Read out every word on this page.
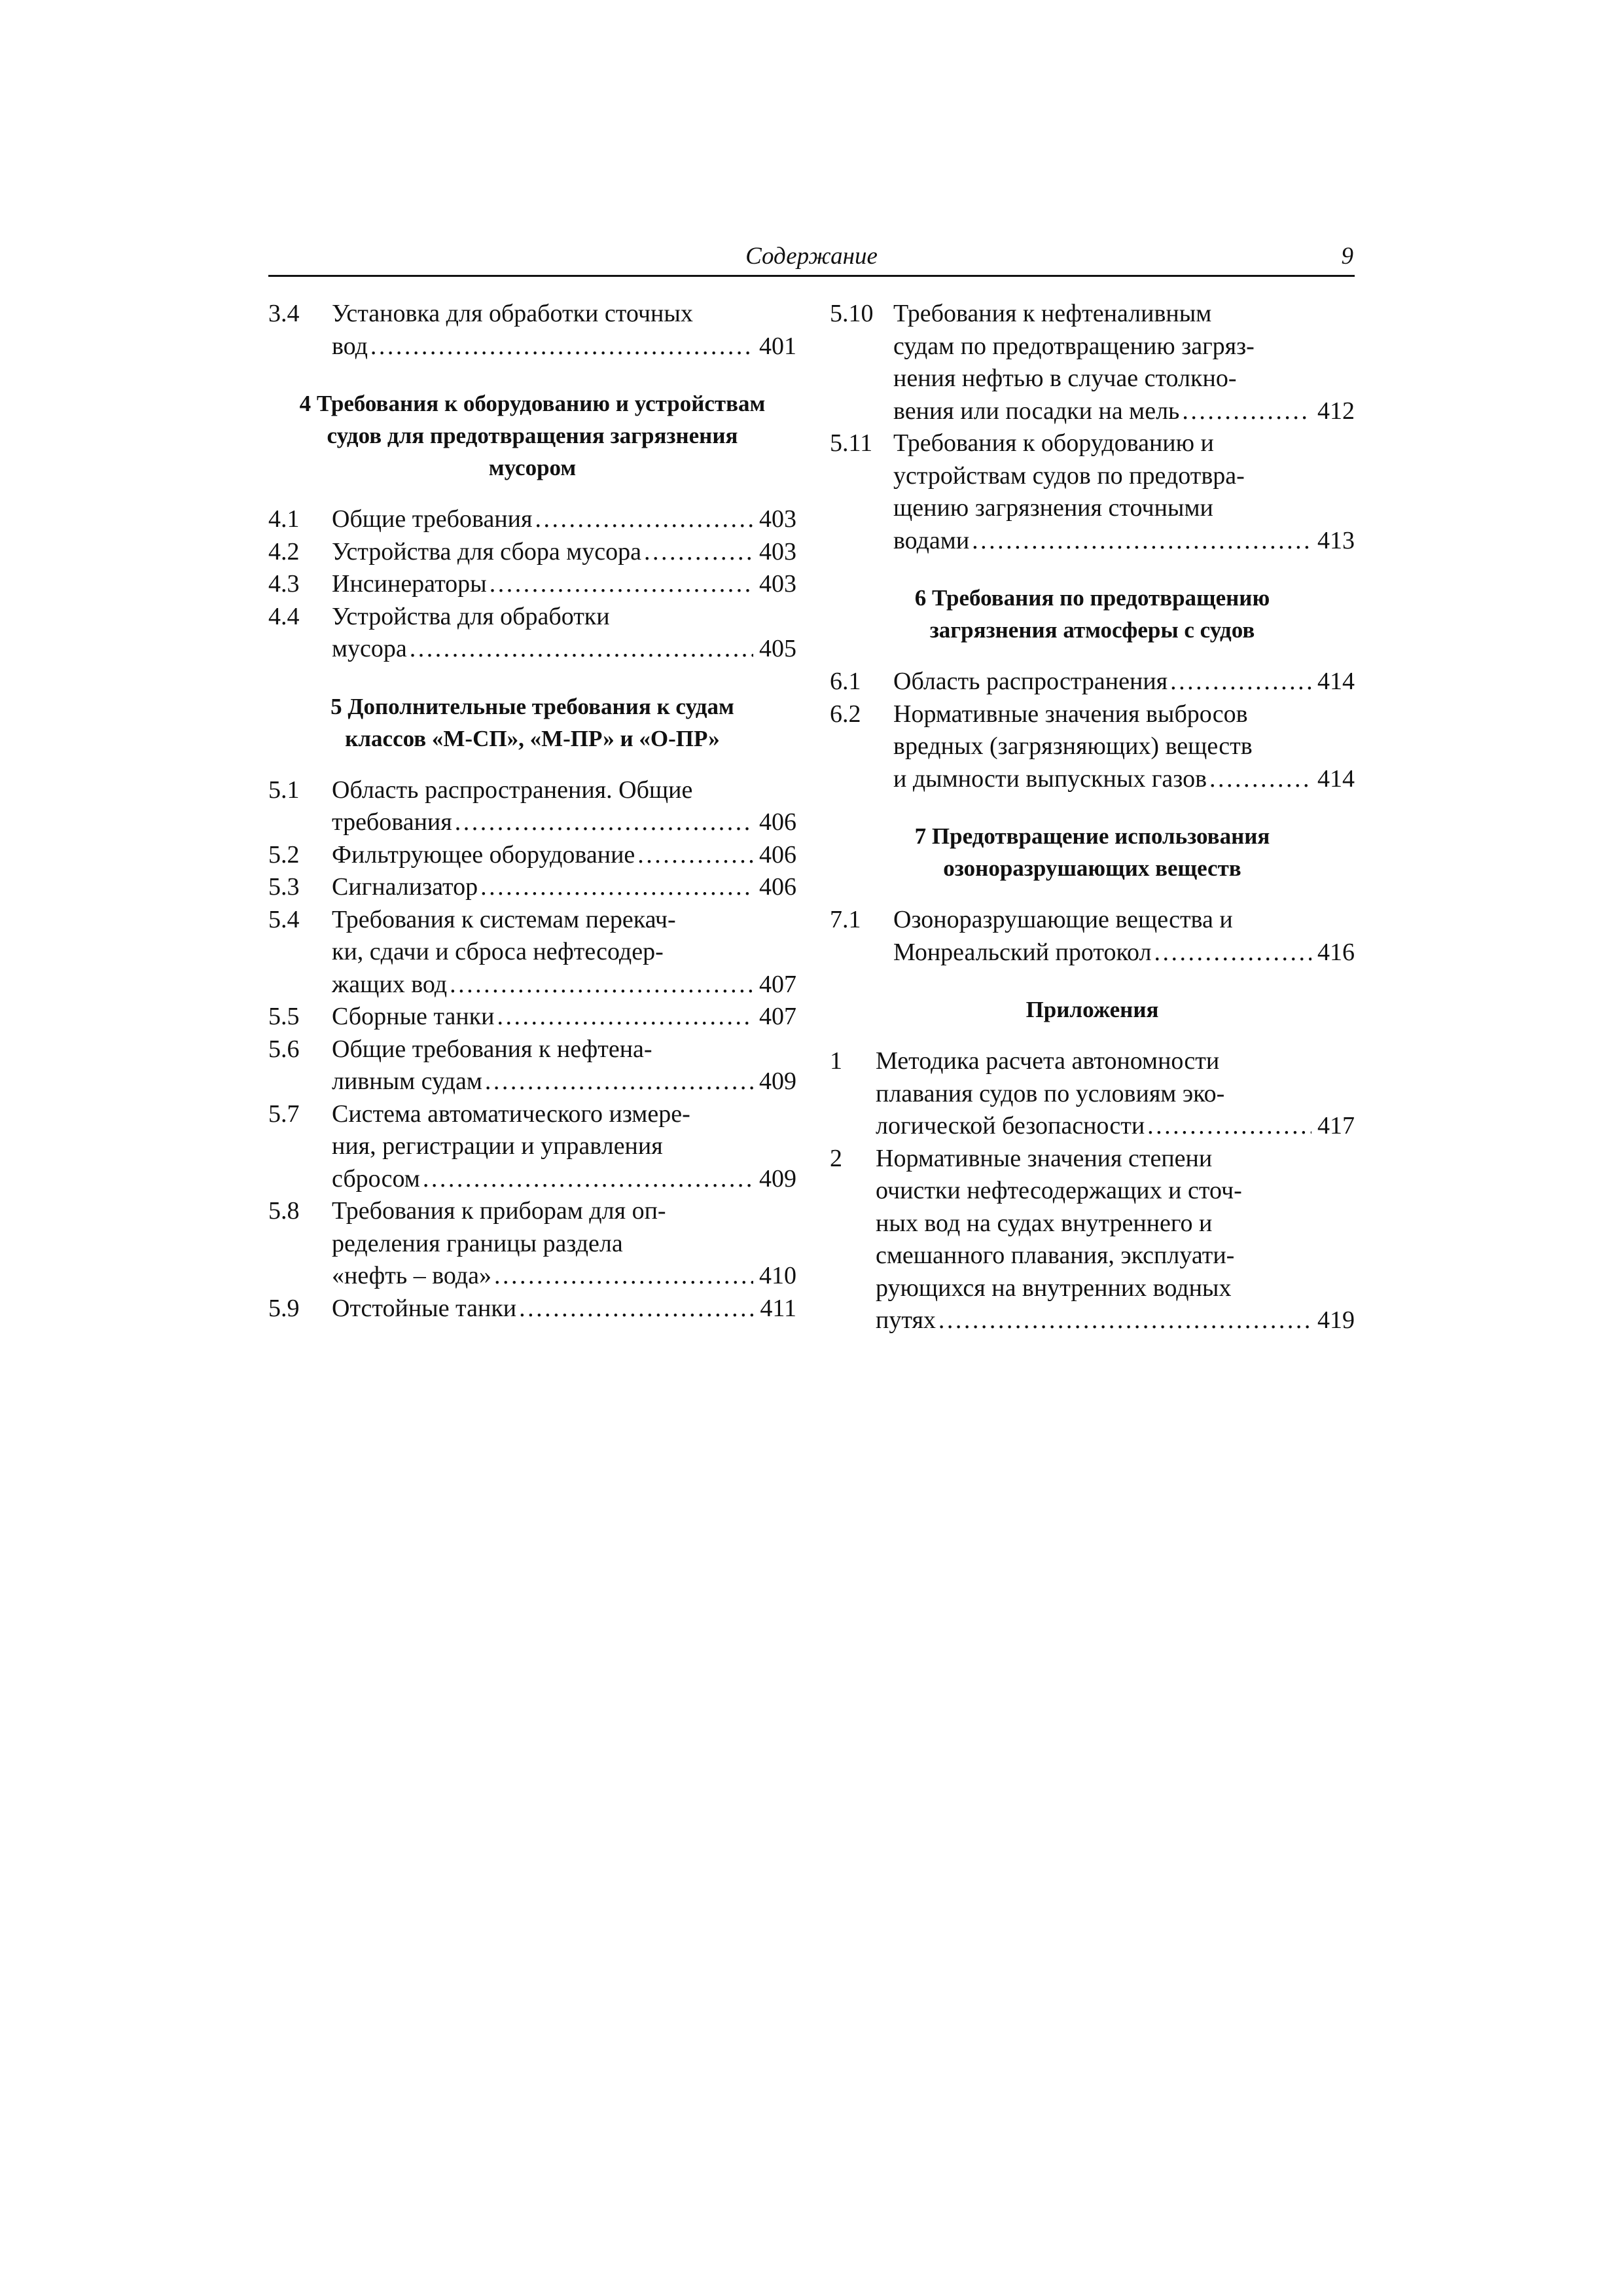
Содержание	9
3.4	Установка для обработки сточных
вод . . .	401
4 Требования к оборудованию и устройствам
судов для предотвращения загрязнения
мусором
4.1	Общие требования . . .	403
4.2	Устройства для сбора мусора . . .	403
4.3	Инсинераторы . . .	403
4.4	Устройства для обработки
мусора . . .	405
5 Дополнительные требования к судам
классов «М-СП», «М-ПР» и «О-ПР»
5.1	Область распространения. Общие
требования . . .	406
5.2	Фильтрующее оборудование . . .	406
5.3	Сигнализатор . . .	406
5.4	Требования к системам перекач-
ки, сдачи и сброса нефтесодер-
жащих вод . . .	407
5.5	Сборные танки . . .	407
5.6	Общие требования к нефтена-
ливным судам . . .	409
5.7	Система автоматического измере-
ния, регистрации и управления
сбросом . . .	409
5.8	Требования к приборам для оп-
ределения границы раздела
«нефть – вода» . . .	410
5.9	Отстойные танки . . .	411
5.10 Требования к нефтеналивным
судам по предотвращению загряз-
нения нефтью в случае столкно-
вения или посадки на мель . . .	412
5.11 Требования к оборудованию и
устройствам судов по предотвра-
щению загрязнения сточными
водами . . .	413
6 Требования по предотвращению
загрязнения атмосферы с судов
6.1	Область распространения . . .	414
6.2	Нормативные значения выбросов
вредных (загрязняющих) веществ
и дымности выпускных газов . . .	414
7 Предотвращение использования
озоноразрушающих веществ
7.1	Озоноразрушающие вещества и
Монреальский протокол . . .	416
Приложения
1	Методика расчета автономности
плавания судов по условиям эко-
логической безопасности . . .	417
2	Нормативные значения степени
очистки нефтесодержащих и сточ-
ных вод на судах внутреннего и
смешанного плавания, эксплуати-
рующихся на внутренних водных
путях . . .	419
